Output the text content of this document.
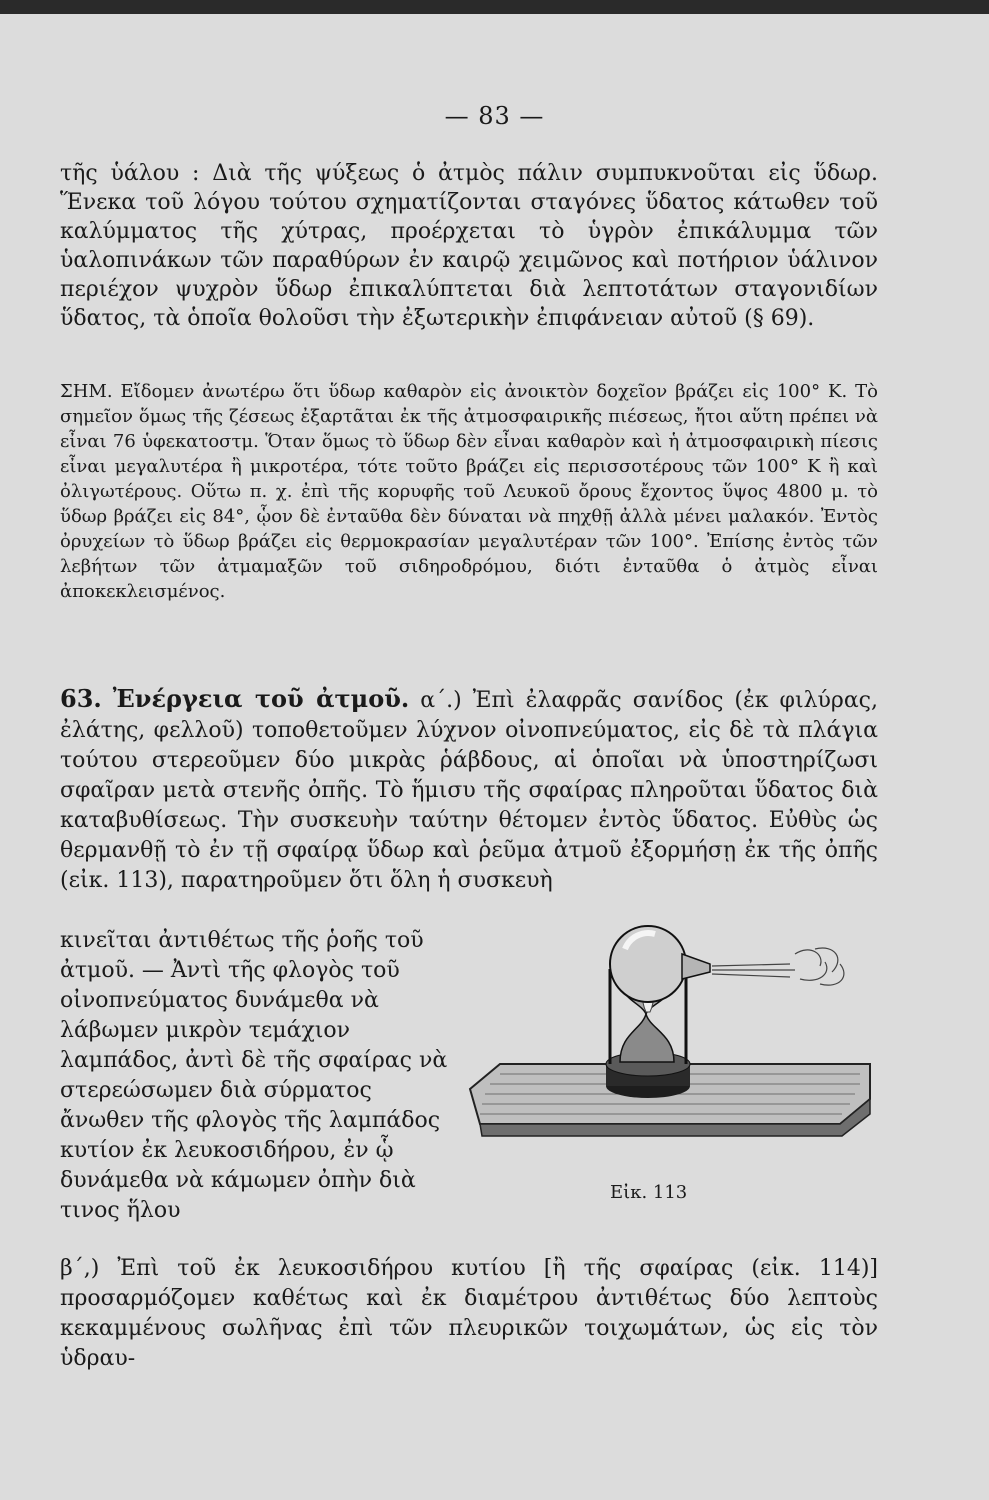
— 83 —

τῆς ὑάλου : Διὰ τῆς ψύξεως ὁ ἀτμὸς πάλιν συμπυκνοῦται εἰς ὕδωρ. Ἕνεκα τοῦ λόγου τούτου σχηματίζονται σταγόνες ὕδατος κάτωθεν τοῦ καλύμματος τῆς χύτρας, προέρχεται τὸ ὑγρὸν ἐπικάλυμμα τῶν ὑαλοπινάκων τῶν παραθύρων ἐν καιρῷ χειμῶνος καὶ ποτήριον ὑάλινον περιέχον ψυχρὸν ὕδωρ ἐπικαλύπτεται διὰ λεπτοτάτων σταγονιδίων ὕδατος, τὰ ὁποῖα θολοῦσι τὴν ἐξωτερικὴν ἐπιφάνειαν αὐτοῦ (§ 69).

ΣΗΜ. Εἴδομεν ἀνωτέρω ὅτι ὕδωρ καθαρὸν εἰς ἀνοικτὸν δοχεῖον βράζει εἰς 100° Κ. Τὸ σημεῖον ὅμως τῆς ζέσεως ἐξαρτᾶται ἐκ τῆς ἀτμοσφαιρικῆς πιέσεως, ἤτοι αὕτη πρέπει νὰ εἶναι 76 ὑφεκατοστμ. Ὅταν ὅμως τὸ ὕδωρ δὲν εἶναι καθαρὸν καὶ ἡ ἀτμοσφαιρικὴ πίεσις εἶναι μεγαλυτέρα ἢ μικροτέρα, τότε τοῦτο βράζει εἰς περισσοτέρους τῶν 100° Κ ἢ καὶ ὀλιγωτέρους. Οὕτω π. χ. ἐπὶ τῆς κορυφῆς τοῦ Λευκοῦ ὄρους ἔχοντος ὕψος 4800 μ. τὸ ὕδωρ βράζει εἰς 84°, ᾧον δὲ ἐνταῦθα δὲν δύναται νὰ πηχθῇ ἀλλὰ μένει μαλακόν. Ἐντὸς ὀρυχείων τὸ ὕδωρ βράζει εἰς θερμοκρασίαν μεγαλυτέραν τῶν 100°. Ἐπίσης ἐντὸς τῶν λεβήτων τῶν ἀτμαμαξῶν τοῦ σιδηροδρόμου, διότι ἐνταῦθα ὁ ἀτμὸς εἶναι ἀποκεκλεισμένος.

63. Ἐνέργεια τοῦ ἀτμοῦ. α΄.) Ἐπὶ ἐλαφρᾶς σανίδος (ἐκ φιλύρας, ἐλάτης, φελλοῦ) τοποθετοῦμεν λύχνον οἰνοπνεύματος, εἰς δὲ τὰ πλάγια τούτου στερεοῦμεν δύο μικρὰς ῥάβδους, αἱ ὁποῖαι νὰ ὑποστηρίζωσι σφαῖραν μετὰ στενῆς ὀπῆς. Τὸ ἥμισυ τῆς σφαίρας πληροῦται ὕδατος διὰ καταβυθίσεως. Τὴν συσκευὴν ταύτην θέτομεν ἐντὸς ὕδατος. Εὐθὺς ὡς θερμανθῇ τὸ ἐν τῇ σφαίρᾳ ὕδωρ καὶ ῥεῦμα ἀτμοῦ ἐξορμήσῃ ἐκ τῆς ὀπῆς (εἰκ. 113), παρατηροῦμεν ὅτι ὅλη ἡ συσκευὴ

κινεῖται ἀντιθέτως τῆς ῥοῆς τοῦ ἀτμοῦ. — Ἀντὶ τῆς φλογὸς τοῦ οἰνοπνεύματος δυνάμεθα νὰ λάβωμεν μικρὸν τεμάχιον λαμπάδος, ἀντὶ δὲ τῆς σφαίρας νὰ στερεώσωμεν διὰ σύρματος ἄνωθεν τῆς φλογὸς τῆς λαμπάδος κυτίον ἐκ λευκοσιδήρου, ἐν ᾧ δυνάμεθα νὰ κάμωμεν ὀπὴν διὰ τινος ἥλου

Εἰκ. 113

β΄,) Ἐπὶ τοῦ ἐκ λευκοσιδήρου κυτίου [ἢ τῆς σφαίρας (εἰκ. 114)] προσαρμόζομεν καθέτως καὶ ἐκ διαμέτρου ἀντιθέτως δύο λεπτοὺς κεκαμμένους σωλῆνας ἐπὶ τῶν πλευρικῶν τοιχωμάτων, ὡς εἰς τὸν ὑδραυ-
